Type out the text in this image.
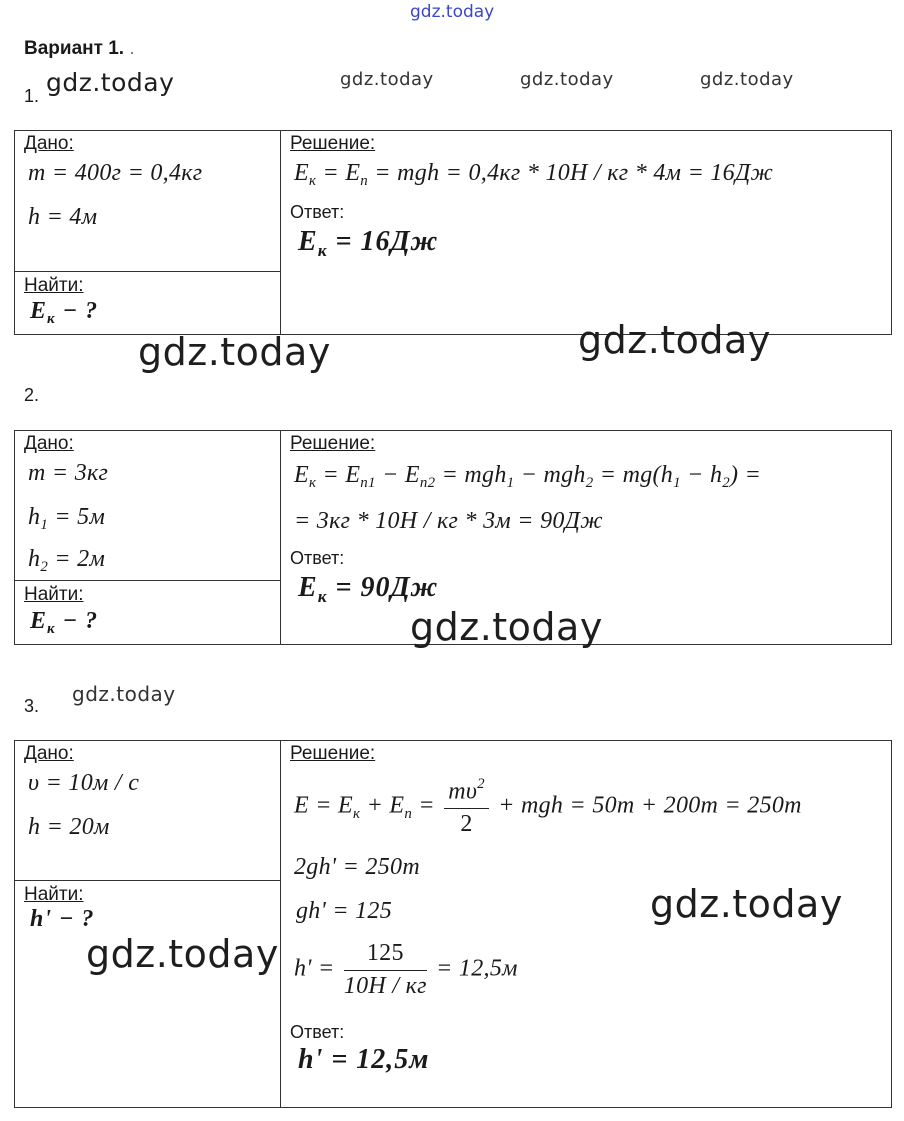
gdz.today
gdz.today	gdz.today	gdz.today	gdz.today
Вариант 1. .
1.
Дано:
m = 400г = 0,4кг
h = 4м
Найти:
$E_к$ − ?
Решение:
$E_к = E_п$ = mgh = 0,4кг * 10Н / кг * 4м = 16Дж
Ответ:
$E_к = 16Дж$
gdz.today	gdz.today
2.
Дано:
m = 3кг
$h_1 = 5м$
$h_2 = 2м$
Найти:
$E_к$ − ?
Решение:
$E_к = E_{п1} - E_{п2} = mgh_1 - mgh_2 = mg(h_1 - h_2)$ =
= 3кг * 10Н / кг * 3м = 90Дж
Ответ:
$E_к = 90Дж$
gdz.today
gdz.today
3.
Дано:
υ = 10м / с
h = 20м
Найти:
h' − ?
Решение:
$E = E_к + E_п = \frac{m\upsilon^2}{2}$ + mgh = 50m + 200m = 250m
2gh' = 250m
gh' = 125
$h' = \frac{125}{10Н / кг} = 12,5м$
Ответ:
h' = 12,5м
gdz.today
gdz.today
